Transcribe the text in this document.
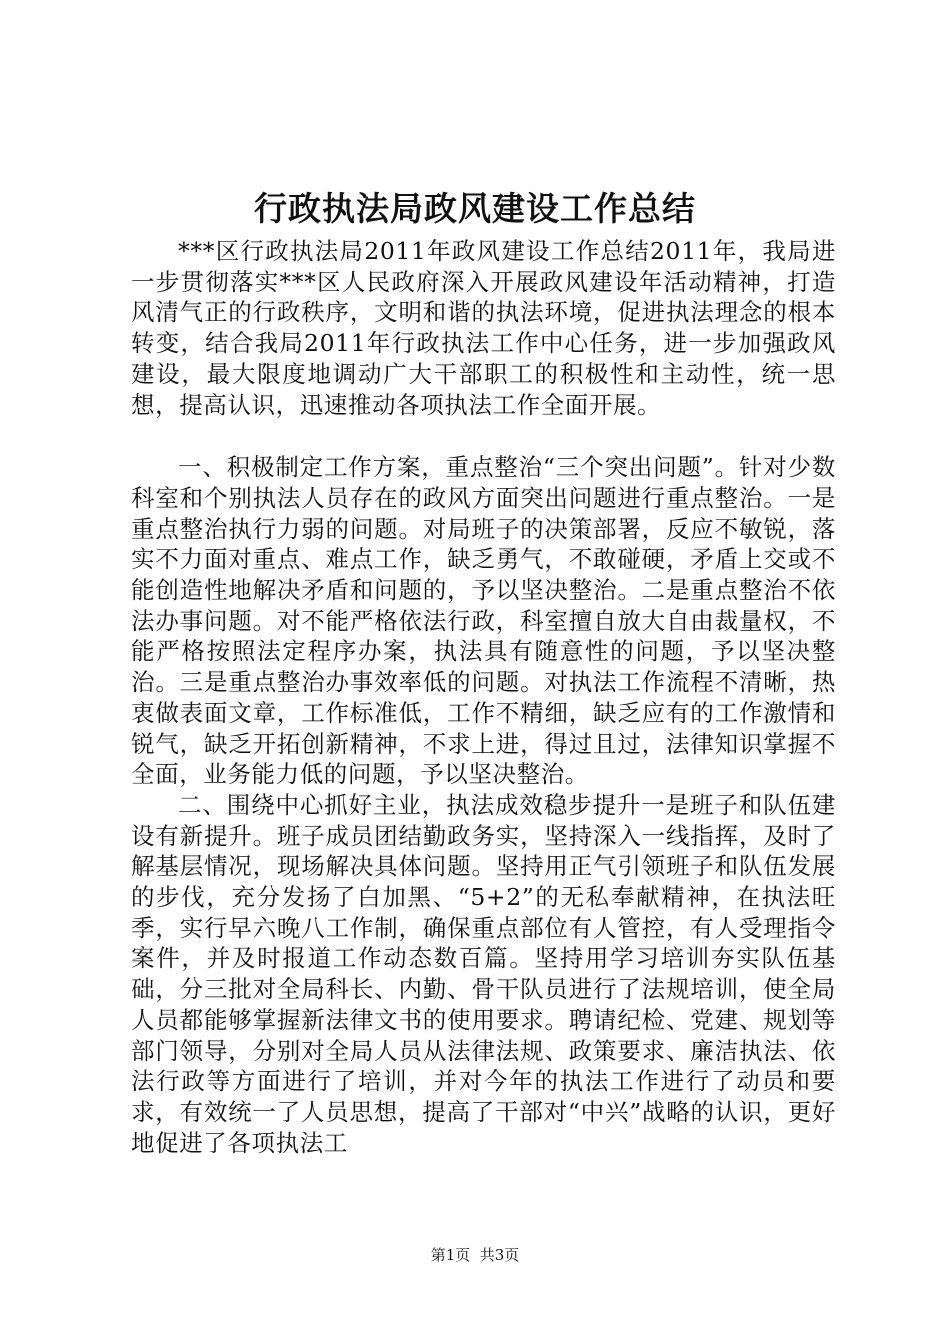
行政执法局政风建设工作总结

***区行政执法局2011年政风建设工作总结2011年，我局进一步贯彻落实***区人民政府深入开展政风建设年活动精神，打造风清气正的行政秩序，文明和谐的执法环境，促进执法理念的根本转变，结合我局2011年行政执法工作中心任务，进一步加强政风建设，最大限度地调动广大干部职工的积极性和主动性，统一思想，提高认识，迅速推动各项执法工作全面开展。

一、积极制定工作方案，重点整治“三个突出问题”。针对少数科室和个别执法人员存在的政风方面突出问题进行重点整治。一是重点整治执行力弱的问题。对局班子的决策部署，反应不敏锐，落实不力面对重点、难点工作，缺乏勇气，不敢碰硬，矛盾上交或不能创造性地解决矛盾和问题的，予以坚决整治。二是重点整治不依法办事问题。对不能严格依法行政，科室擅自放大自由裁量权，不能严格按照法定程序办案，执法具有随意性的问题，予以坚决整治。三是重点整治办事效率低的问题。对执法工作流程不清晰，热衷做表面文章，工作标准低，工作不精细，缺乏应有的工作激情和锐气，缺乏开拓创新精神，不求上进，得过且过，法律知识掌握不全面，业务能力低的问题，予以坚决整治。

二、围绕中心抓好主业，执法成效稳步提升一是班子和队伍建设有新提升。班子成员团结勤政务实，坚持深入一线指挥，及时了解基层情况，现场解决具体问题。坚持用正气引领班子和队伍发展的步伐，充分发扬了白加黑、“5+2”的无私奉献精神，在执法旺季，实行早六晚八工作制，确保重点部位有人管控，有人受理指令案件，并及时报道工作动态数百篇。坚持用学习培训夯实队伍基础，分三批对全局科长、内勤、骨干队员进行了法规培训，使全局人员都能够掌握新法律文书的使用要求。聘请纪检、党建、规划等部门领导，分别对全局人员从法律法规、政策要求、廉洁执法、依法行政等方面进行了培训，并对今年的执法工作进行了动员和要求，有效统一了人员思想，提高了干部对“中兴”战略的认识，更好地促进了各项执法工

第1页  共3页
